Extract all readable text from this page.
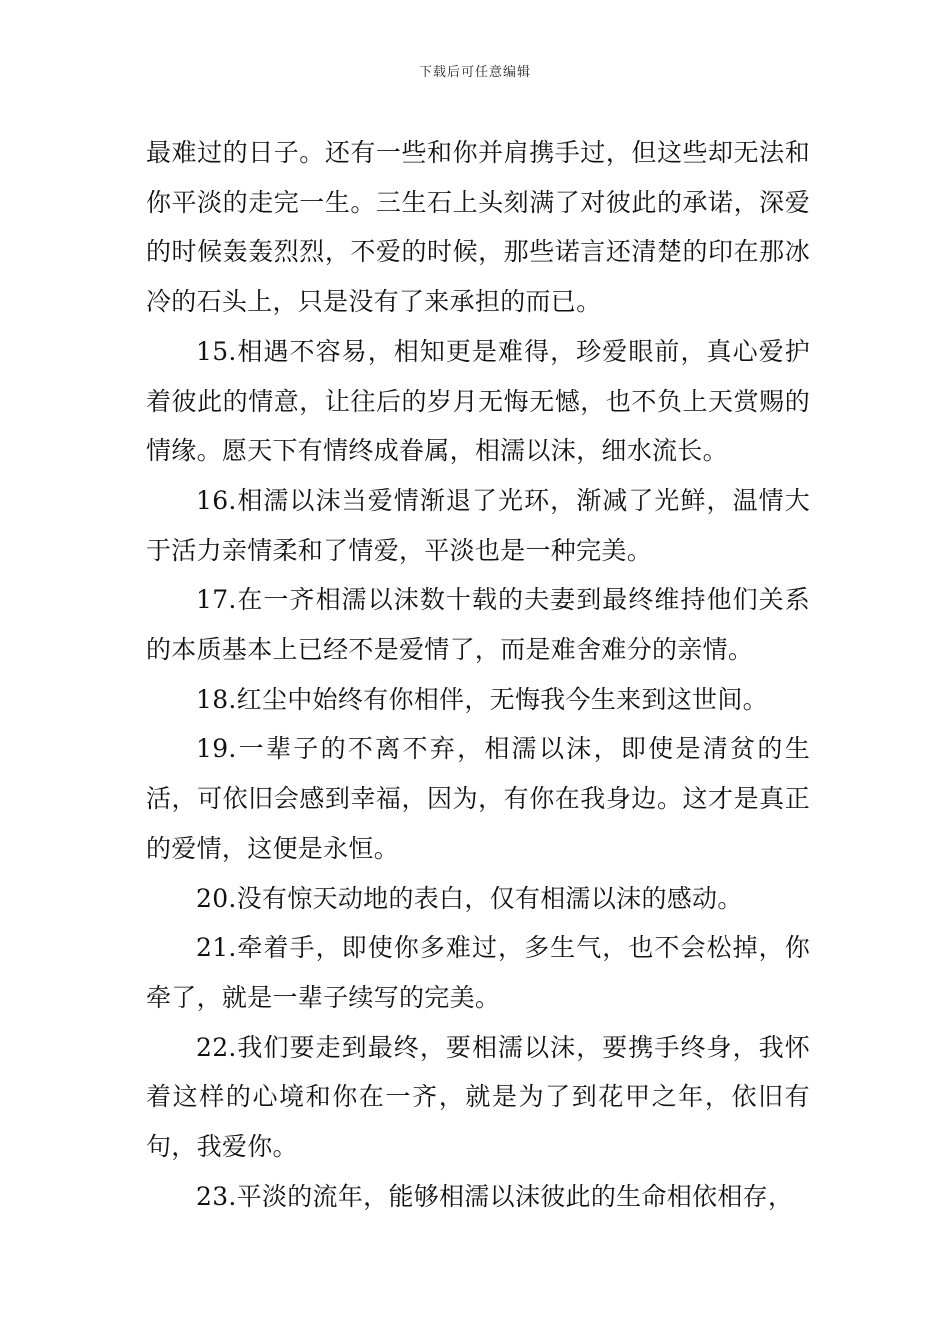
下载后可任意编辑

最难过的日子。还有一些和你并肩携手过，但这些却无法和你平淡的走完一生。三生石上头刻满了对彼此的承诺，深爱的时候轰轰烈烈，不爱的时候，那些诺言还清楚的印在那冰冷的石头上，只是没有了来承担的而已。

15.相遇不容易，相知更是难得，珍爱眼前，真心爱护着彼此的情意，让往后的岁月无悔无憾，也不负上天赏赐的情缘。愿天下有情终成眷属，相濡以沫，细水流长。

16.相濡以沫当爱情渐退了光环，渐减了光鲜，温情大于活力亲情柔和了情爱，平淡也是一种完美。

17.在一齐相濡以沫数十载的夫妻到最终维持他们关系的本质基本上已经不是爱情了，而是难舍难分的亲情。

18.红尘中始终有你相伴，无悔我今生来到这世间。

19.一辈子的不离不弃，相濡以沫，即使是清贫的生活，可依旧会感到幸福，因为，有你在我身边。这才是真正的爱情，这便是永恒。

20.没有惊天动地的表白，仅有相濡以沫的感动。

21.牵着手，即使你多难过，多生气，也不会松掉，你牵了，就是一辈子续写的完美。

22.我们要走到最终，要相濡以沫，要携手终身，我怀着这样的心境和你在一齐，就是为了到花甲之年，依旧有句，我爱你。

23.平淡的流年，能够相濡以沫彼此的生命相依相存，
